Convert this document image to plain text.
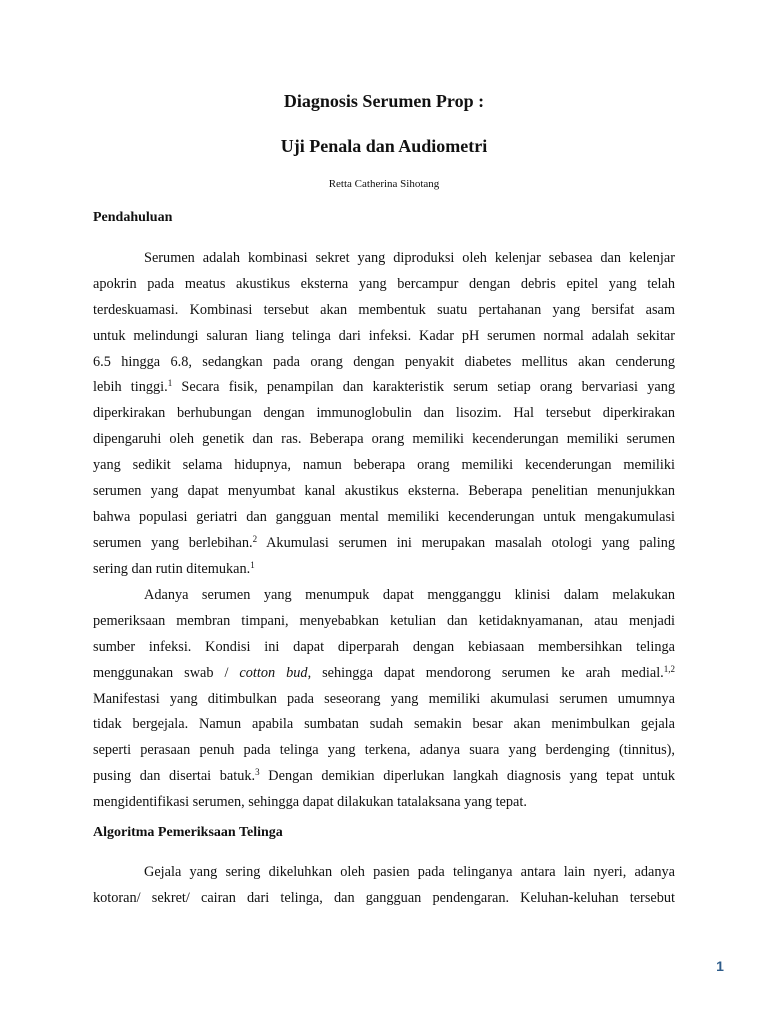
Diagnosis Serumen Prop :
Uji Penala dan Audiometri

Retta Catherina Sihotang

Pendahuluan
Serumen adalah kombinasi sekret yang diproduksi oleh kelenjar sebasea dan kelenjar
apokrin pada meatus akustikus eksterna yang bercampur dengan debris epitel yang telah
terdeskuamasi. Kombinasi tersebut akan membentuk suatu pertahanan yang bersifat asam
untuk melindungi saluran liang telinga dari infeksi. Kadar pH serumen normal adalah sekitar
6.5 hingga 6.8, sedangkan pada orang dengan penyakit diabetes mellitus akan cenderung
lebih tinggi.$^1$ Secara fisik, penampilan dan karakteristik serum setiap orang bervariasi yang
diperkirakan berhubungan dengan immunoglobulin dan lisozim. Hal tersebut diperkirakan
dipengaruhi oleh genetik dan ras. Beberapa orang memiliki kecenderungan memiliki serumen
yang sedikit selama hidupnya, namun beberapa orang memiliki kecenderungan memiliki
serumen yang dapat menyumbat kanal akustikus eksterna. Beberapa penelitian menunjukkan
bahwa populasi geriatri dan gangguan mental memiliki kecenderungan untuk mengakumulasi
serumen yang berlebihan.$^2$ Akumulasi serumen ini merupakan masalah otologi yang paling
sering dan rutin ditemukan.$^1$
Adanya serumen yang menumpuk dapat mengganggu klinisi dalam melakukan
pemeriksaan membran timpani, menyebabkan ketulian dan ketidaknyamanan, atau menjadi
sumber infeksi. Kondisi ini dapat diperparah dengan kebiasaan membersihkan telinga
menggunakan swab / cotton bud, sehingga dapat mendorong serumen ke arah medial.$^{1,2}$
Manifestasi yang ditimbulkan pada seseorang yang memiliki akumulasi serumen umumnya
tidak bergejala. Namun apabila sumbatan sudah semakin besar akan menimbulkan gejala
seperti perasaan penuh pada telinga yang terkena, adanya suara yang berdenging (tinnitus),
pusing dan disertai batuk.$^3$ Dengan demikian diperlukan langkah diagnosis yang tepat untuk
mengidentifikasi serumen, sehingga dapat dilakukan tatalaksana yang tepat.
Algoritma Pemeriksaan Telinga
Gejala yang sering dikeluhkan oleh pasien pada telinganya antara lain nyeri, adanya
kotoran/ sekret/ cairan dari telinga, dan gangguan pendengaran. Keluhan-keluhan tersebut

1
